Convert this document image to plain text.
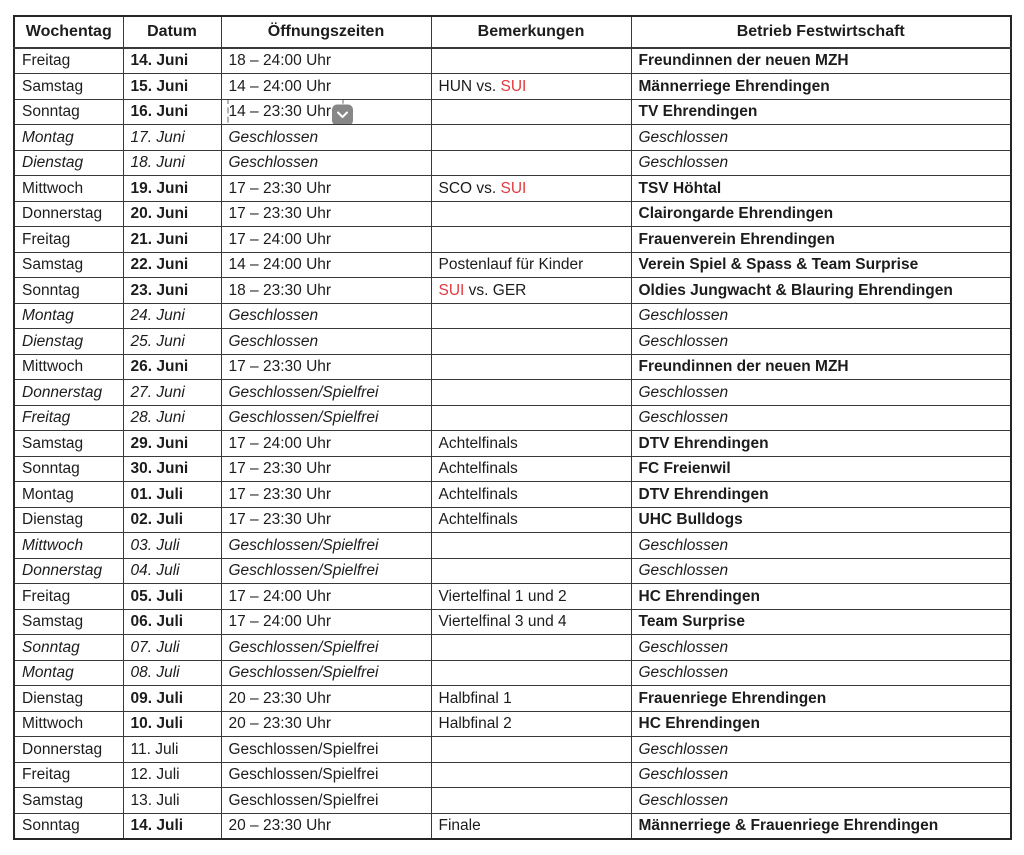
Wochentag	Datum	Öffnungszeiten	Bemerkungen	Betrieb Festwirtschaft
Freitag	14. Juni	18 – 24:00 Uhr		Freundinnen der neuen MZH
Samstag	15. Juni	14 – 24:00 Uhr	HUN vs. SUI	Männerriege Ehrendingen
Sonntag	16. Juni	14 – 23:30 Uhr		TV Ehrendingen
Montag	17. Juni	Geschlossen		Geschlossen
Dienstag	18. Juni	Geschlossen		Geschlossen
Mittwoch	19. Juni	17 – 23:30 Uhr	SCO vs. SUI	TSV Höhtal
Donnerstag	20. Juni	17 – 23:30 Uhr		Clairongarde Ehrendingen
Freitag	21. Juni	17 – 24:00 Uhr		Frauenverein Ehrendingen
Samstag	22. Juni	14 – 24:00 Uhr	Postenlauf für Kinder	Verein Spiel & Spass & Team Surprise
Sonntag	23. Juni	18 – 23:30 Uhr	SUI vs. GER	Oldies Jungwacht & Blauring Ehrendingen
Montag	24. Juni	Geschlossen		Geschlossen
Dienstag	25. Juni	Geschlossen		Geschlossen
Mittwoch	26. Juni	17 – 23:30 Uhr		Freundinnen der neuen MZH
Donnerstag	27. Juni	Geschlossen/Spielfrei		Geschlossen
Freitag	28. Juni	Geschlossen/Spielfrei		Geschlossen
Samstag	29. Juni	17 – 24:00 Uhr	Achtelfinals	DTV Ehrendingen
Sonntag	30. Juni	17 – 23:30 Uhr	Achtelfinals	FC Freienwil
Montag	01. Juli	17 – 23:30 Uhr	Achtelfinals	DTV Ehrendingen
Dienstag	02. Juli	17 – 23:30 Uhr	Achtelfinals	UHC Bulldogs
Mittwoch	03. Juli	Geschlossen/Spielfrei		Geschlossen
Donnerstag	04. Juli	Geschlossen/Spielfrei		Geschlossen
Freitag	05. Juli	17 – 24:00 Uhr	Viertelfinal 1 und 2	HC Ehrendingen
Samstag	06. Juli	17 – 24:00 Uhr	Viertelfinal 3 und 4	Team Surprise
Sonntag	07. Juli	Geschlossen/Spielfrei		Geschlossen
Montag	08. Juli	Geschlossen/Spielfrei		Geschlossen
Dienstag	09. Juli	20 – 23:30 Uhr	Halbfinal 1	Frauenriege Ehrendingen
Mittwoch	10. Juli	20 – 23:30 Uhr	Halbfinal 2	HC Ehrendingen
Donnerstag	11. Juli	Geschlossen/Spielfrei		Geschlossen
Freitag	12. Juli	Geschlossen/Spielfrei		Geschlossen
Samstag	13. Juli	Geschlossen/Spielfrei		Geschlossen
Sonntag	14. Juli	20 – 23:30 Uhr	Finale	Männerriege & Frauenriege Ehrendingen
